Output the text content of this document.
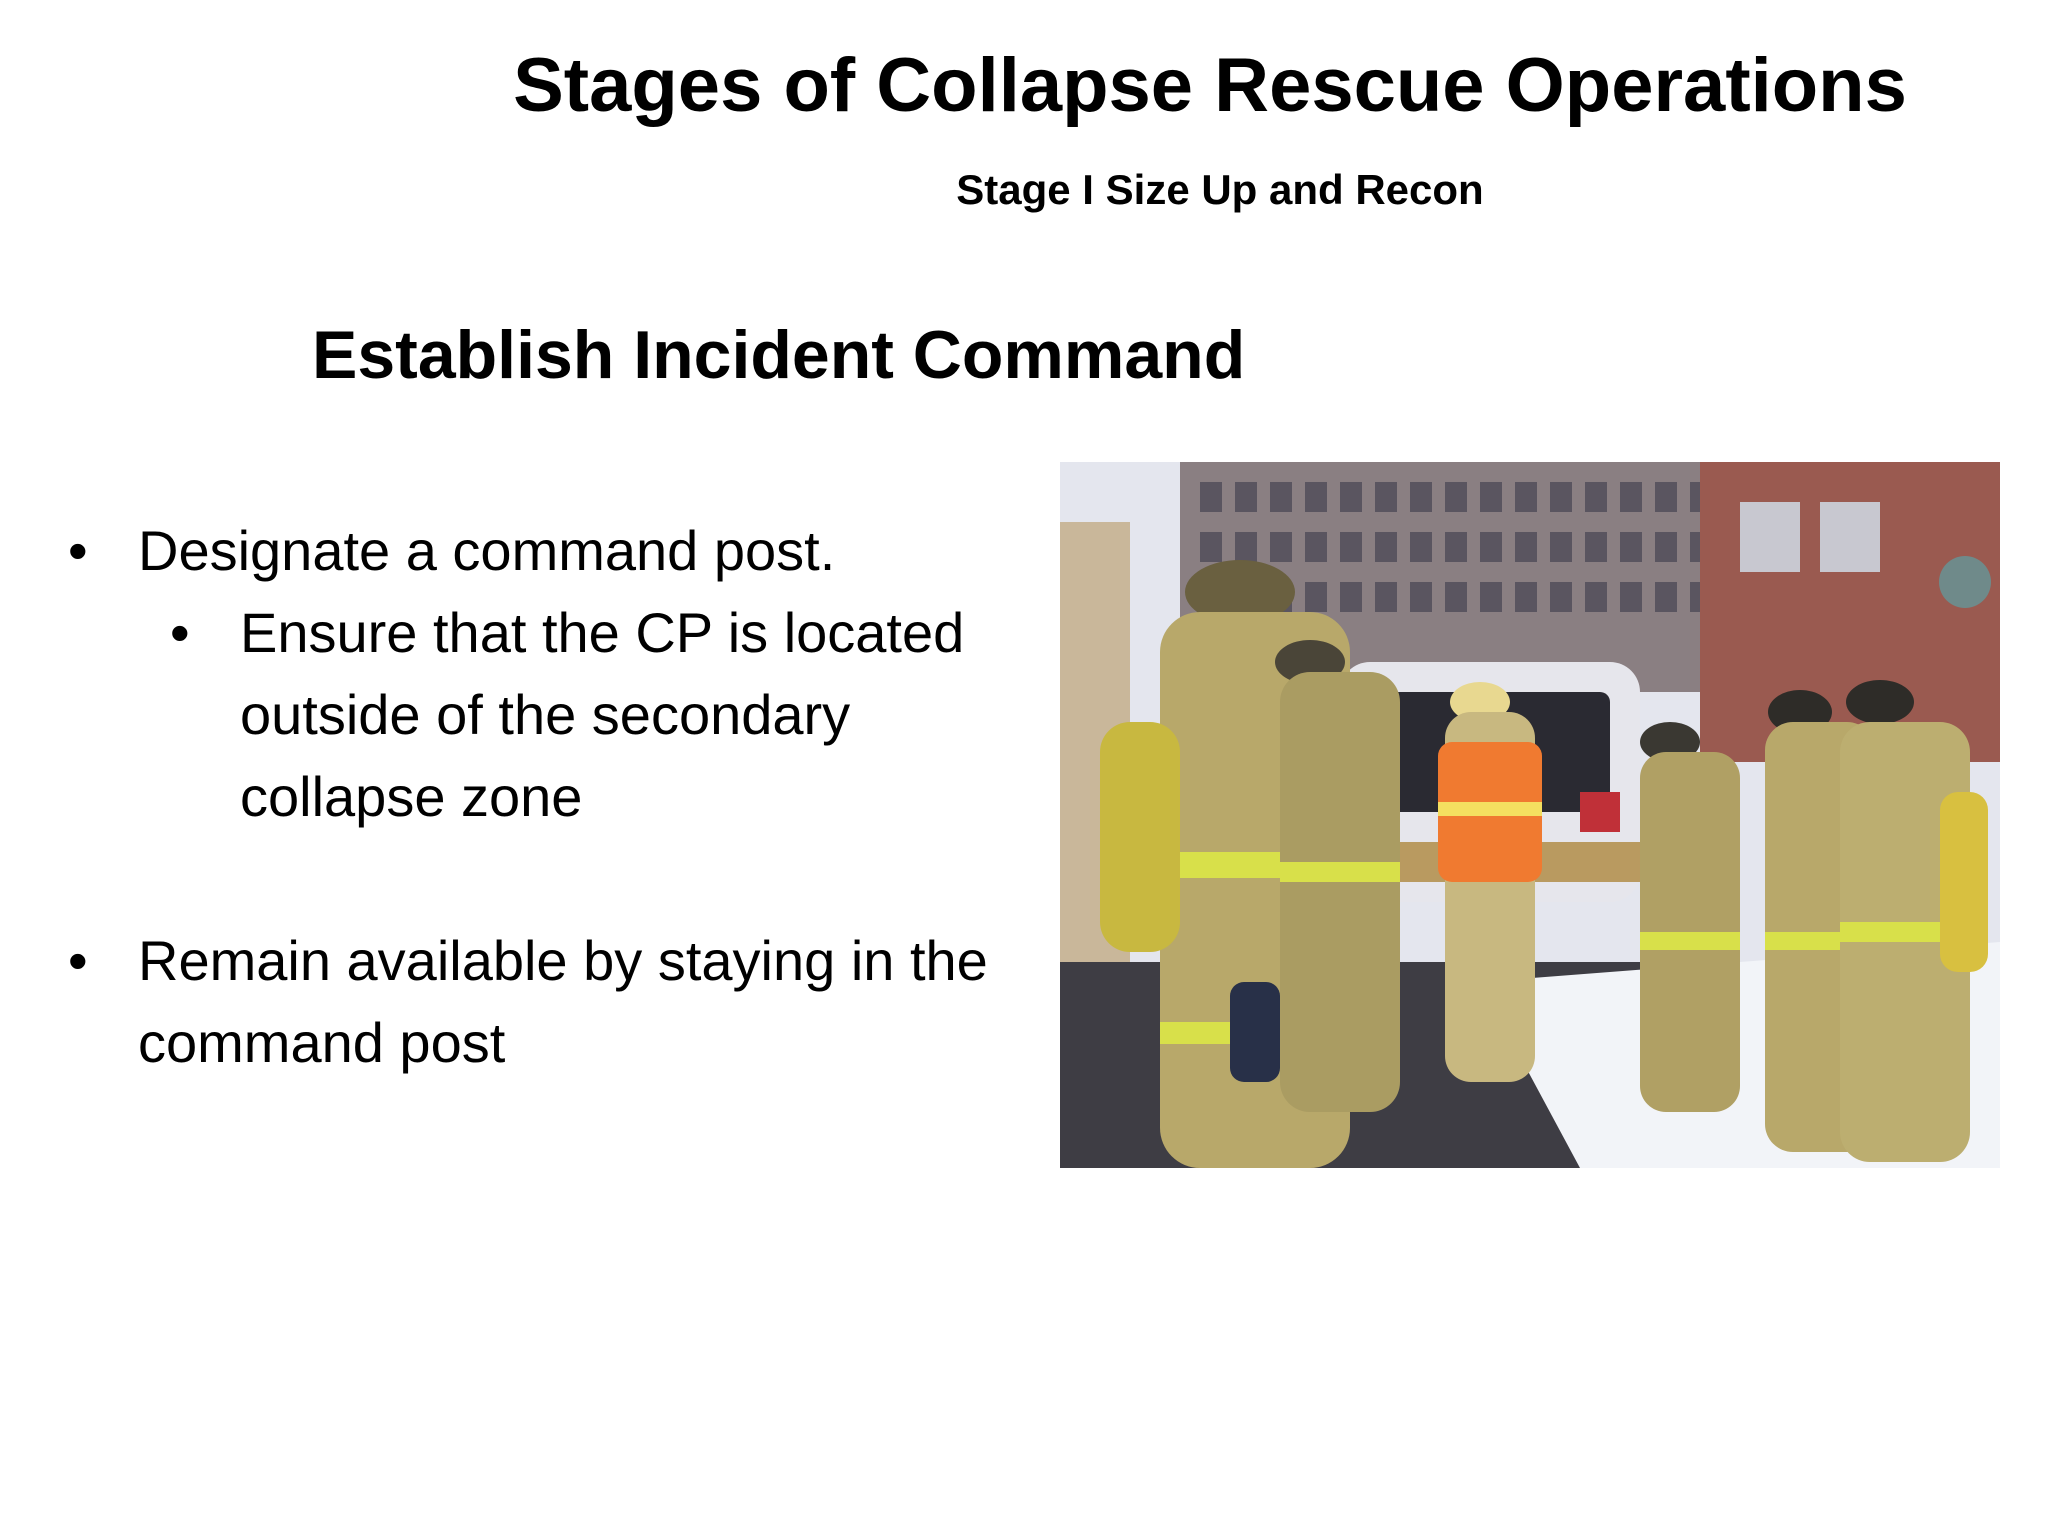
Stages of Collapse Rescue Operations
Stage I Size Up and Recon
Establish Incident Command
• Designate a command post.
• Ensure that the CP is located outside of the secondary collapse zone
• Remain available by staying in the command post
